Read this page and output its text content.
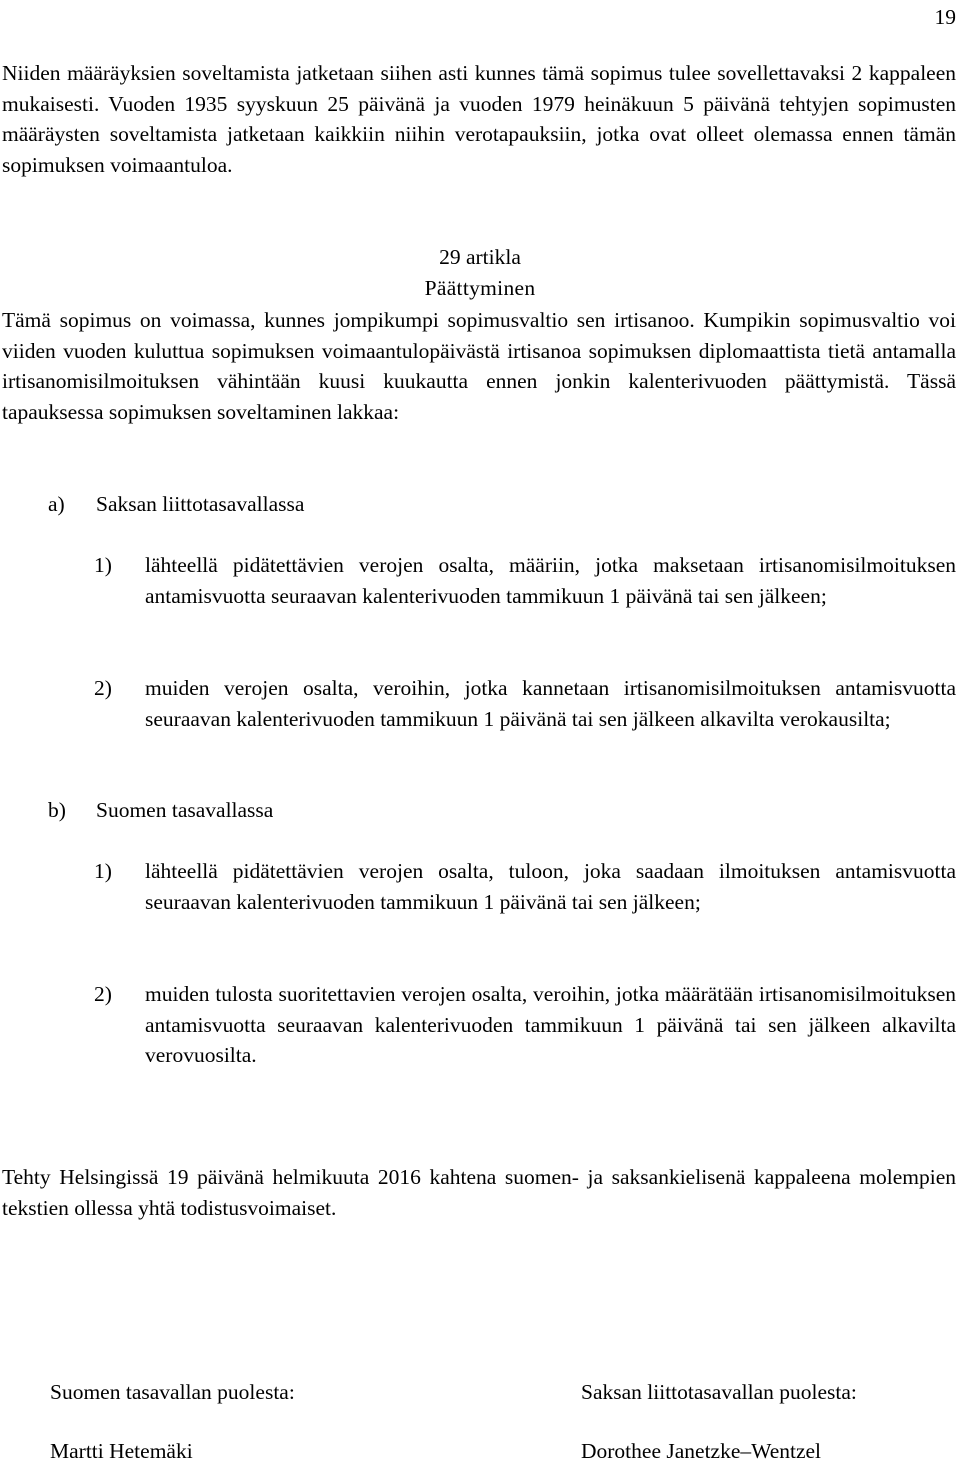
19

Niiden määräyksien soveltamista jatketaan siihen asti kunnes tämä sopimus tulee sovellettavaksi 2 kappaleen mukaisesti. Vuoden 1935 syyskuun 25 päivänä ja vuoden 1979 heinäkuun 5 päivänä tehtyjen sopimusten määräysten soveltamista jatketaan kaikkiin niihin verotapauksiin, jotka ovat olleet olemassa ennen tämän sopimuksen voimaantuloa.

29 artikla

Päättyminen

Tämä sopimus on voimassa, kunnes jompikumpi sopimusvaltio sen irtisanoo. Kumpikin sopimusvaltio voi viiden vuoden kuluttua sopimuksen voimaantulopäivästä irtisanoa sopimuksen diplomaattista tietä antamalla irtisanomisilmoituksen vähintään kuusi kuukautta ennen jonkin kalenterivuoden päättymistä. Tässä tapauksessa sopimuksen soveltaminen lakkaa:

a) Saksan liittotasavallassa

1) lähteellä pidätettävien verojen osalta, määriin, jotka maksetaan irtisanomisilmoituksen antamisvuotta seuraavan kalenterivuoden tammikuun 1 päivänä tai sen jälkeen;
2) muiden verojen osalta, veroihin, jotka kannetaan irtisanomisilmoituksen antamisvuotta seuraavan kalenterivuoden tammikuun 1 päivänä tai sen jälkeen alkavilta verokausilta;

b) Suomen tasavallassa

1) lähteellä pidätettävien verojen osalta, tuloon, joka saadaan ilmoituksen antamisvuotta seuraavan kalenterivuoden tammikuun 1 päivänä tai sen jälkeen;
2) muiden tulosta suoritettavien verojen osalta, veroihin, jotka määrätään irtisanomisilmoituksen antamisvuotta seuraavan kalenterivuoden tammikuun 1 päivänä tai sen jälkeen alkavilta verovuosilta.

Tehty Helsingissä 19 päivänä helmikuuta 2016 kahtena suomen- ja saksankielisenä kappaleena molempien tekstien ollessa yhtä todistusvoimaiset.

Suomen tasavallan puolesta:	Saksan liittotasavallan puolesta:

Martti Hetemäki	Dorothee Janetzke–Wentzel
